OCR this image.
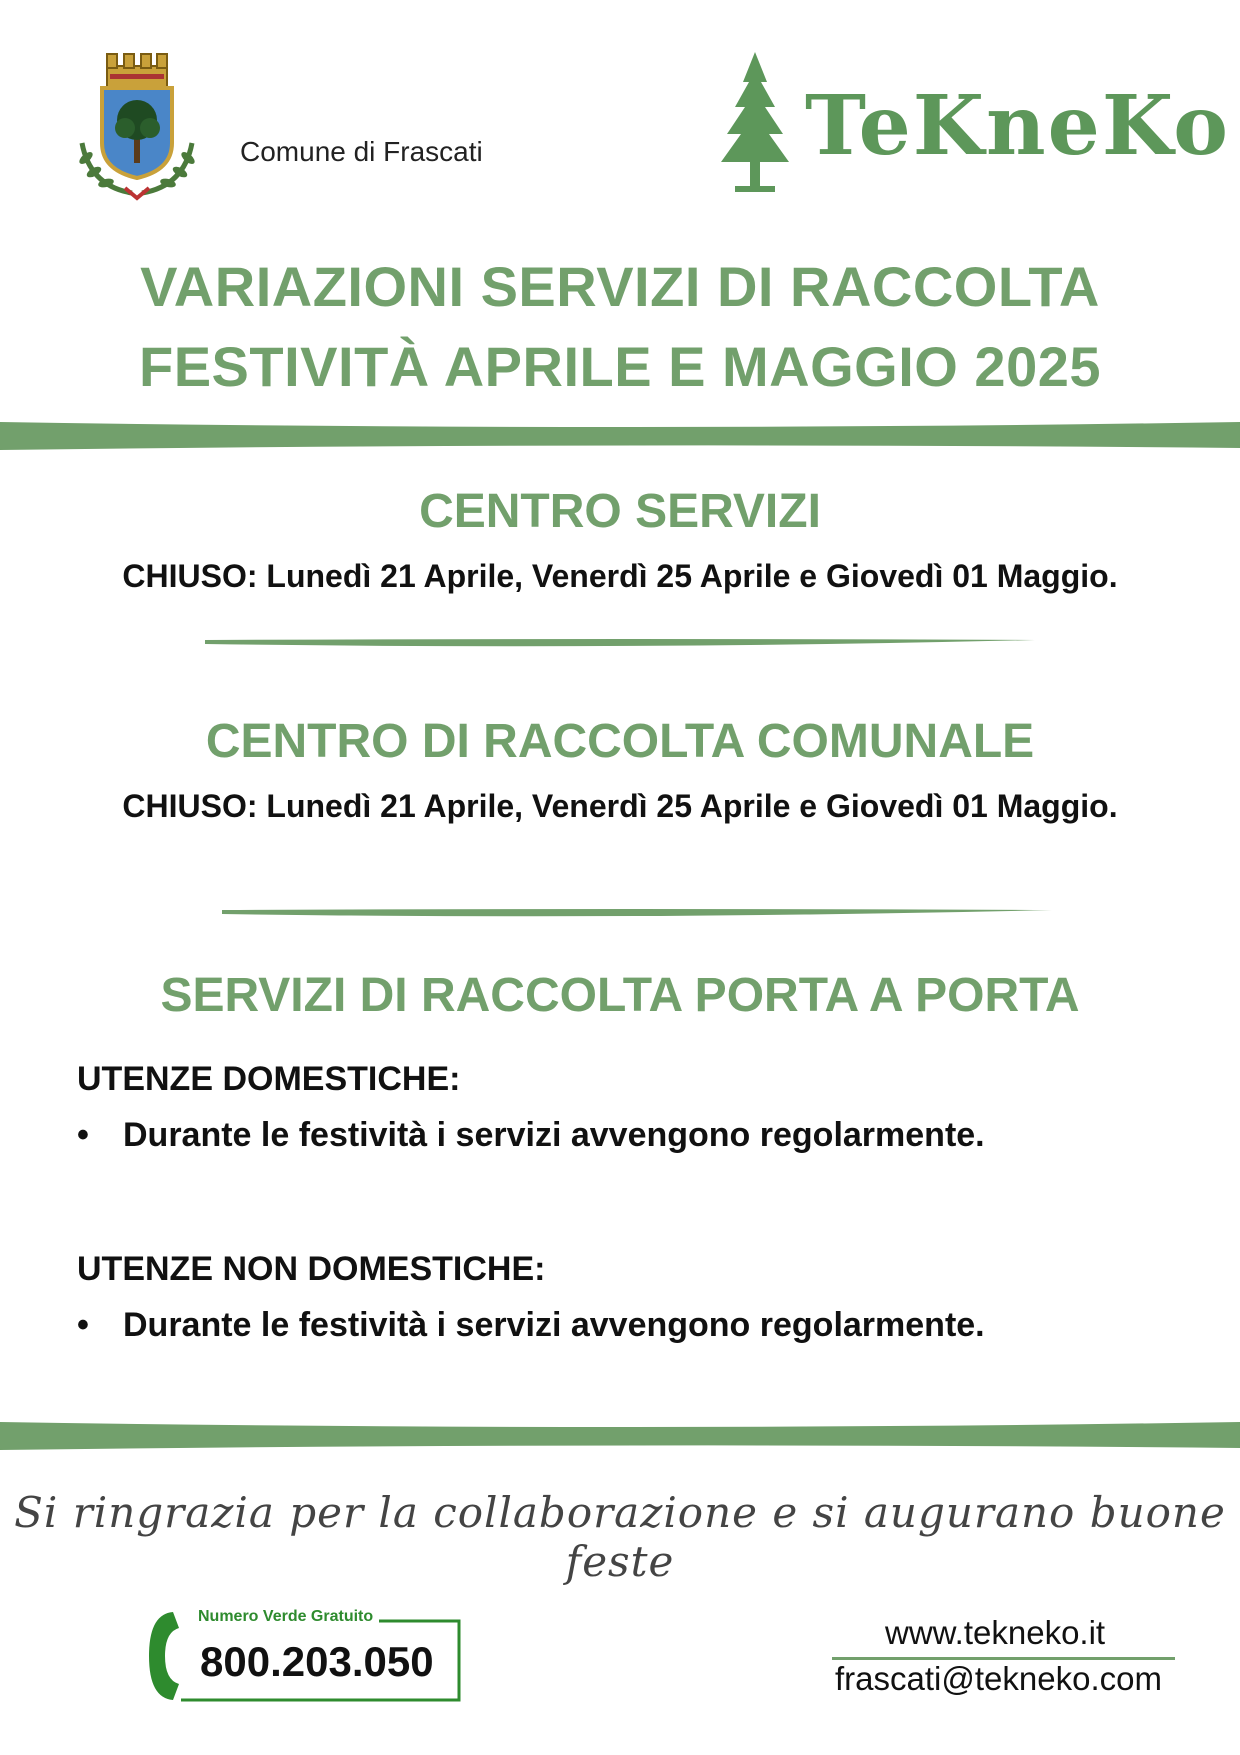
Comune di Frascati	TeKneKo
VARIAZIONI SERVIZI DI RACCOLTA
FESTIVITÀ APRILE E MAGGIO 2025
CENTRO SERVIZI
CHIUSO: Lunedì 21 Aprile, Venerdì 25 Aprile e Giovedì 01 Maggio.
CENTRO DI RACCOLTA COMUNALE
CHIUSO: Lunedì 21 Aprile, Venerdì 25 Aprile e Giovedì 01 Maggio.
SERVIZI DI RACCOLTA PORTA A PORTA
UTENZE DOMESTICHE:
•	Durante le festività i servizi avvengono regolarmente.
UTENZE NON DOMESTICHE:
•	Durante le festività i servizi avvengono regolarmente.
Si ringrazia per la collaborazione e si augurano buone feste
Numero Verde Gratuito
800.203.050
www.tekneko.it
frascati@tekneko.com
